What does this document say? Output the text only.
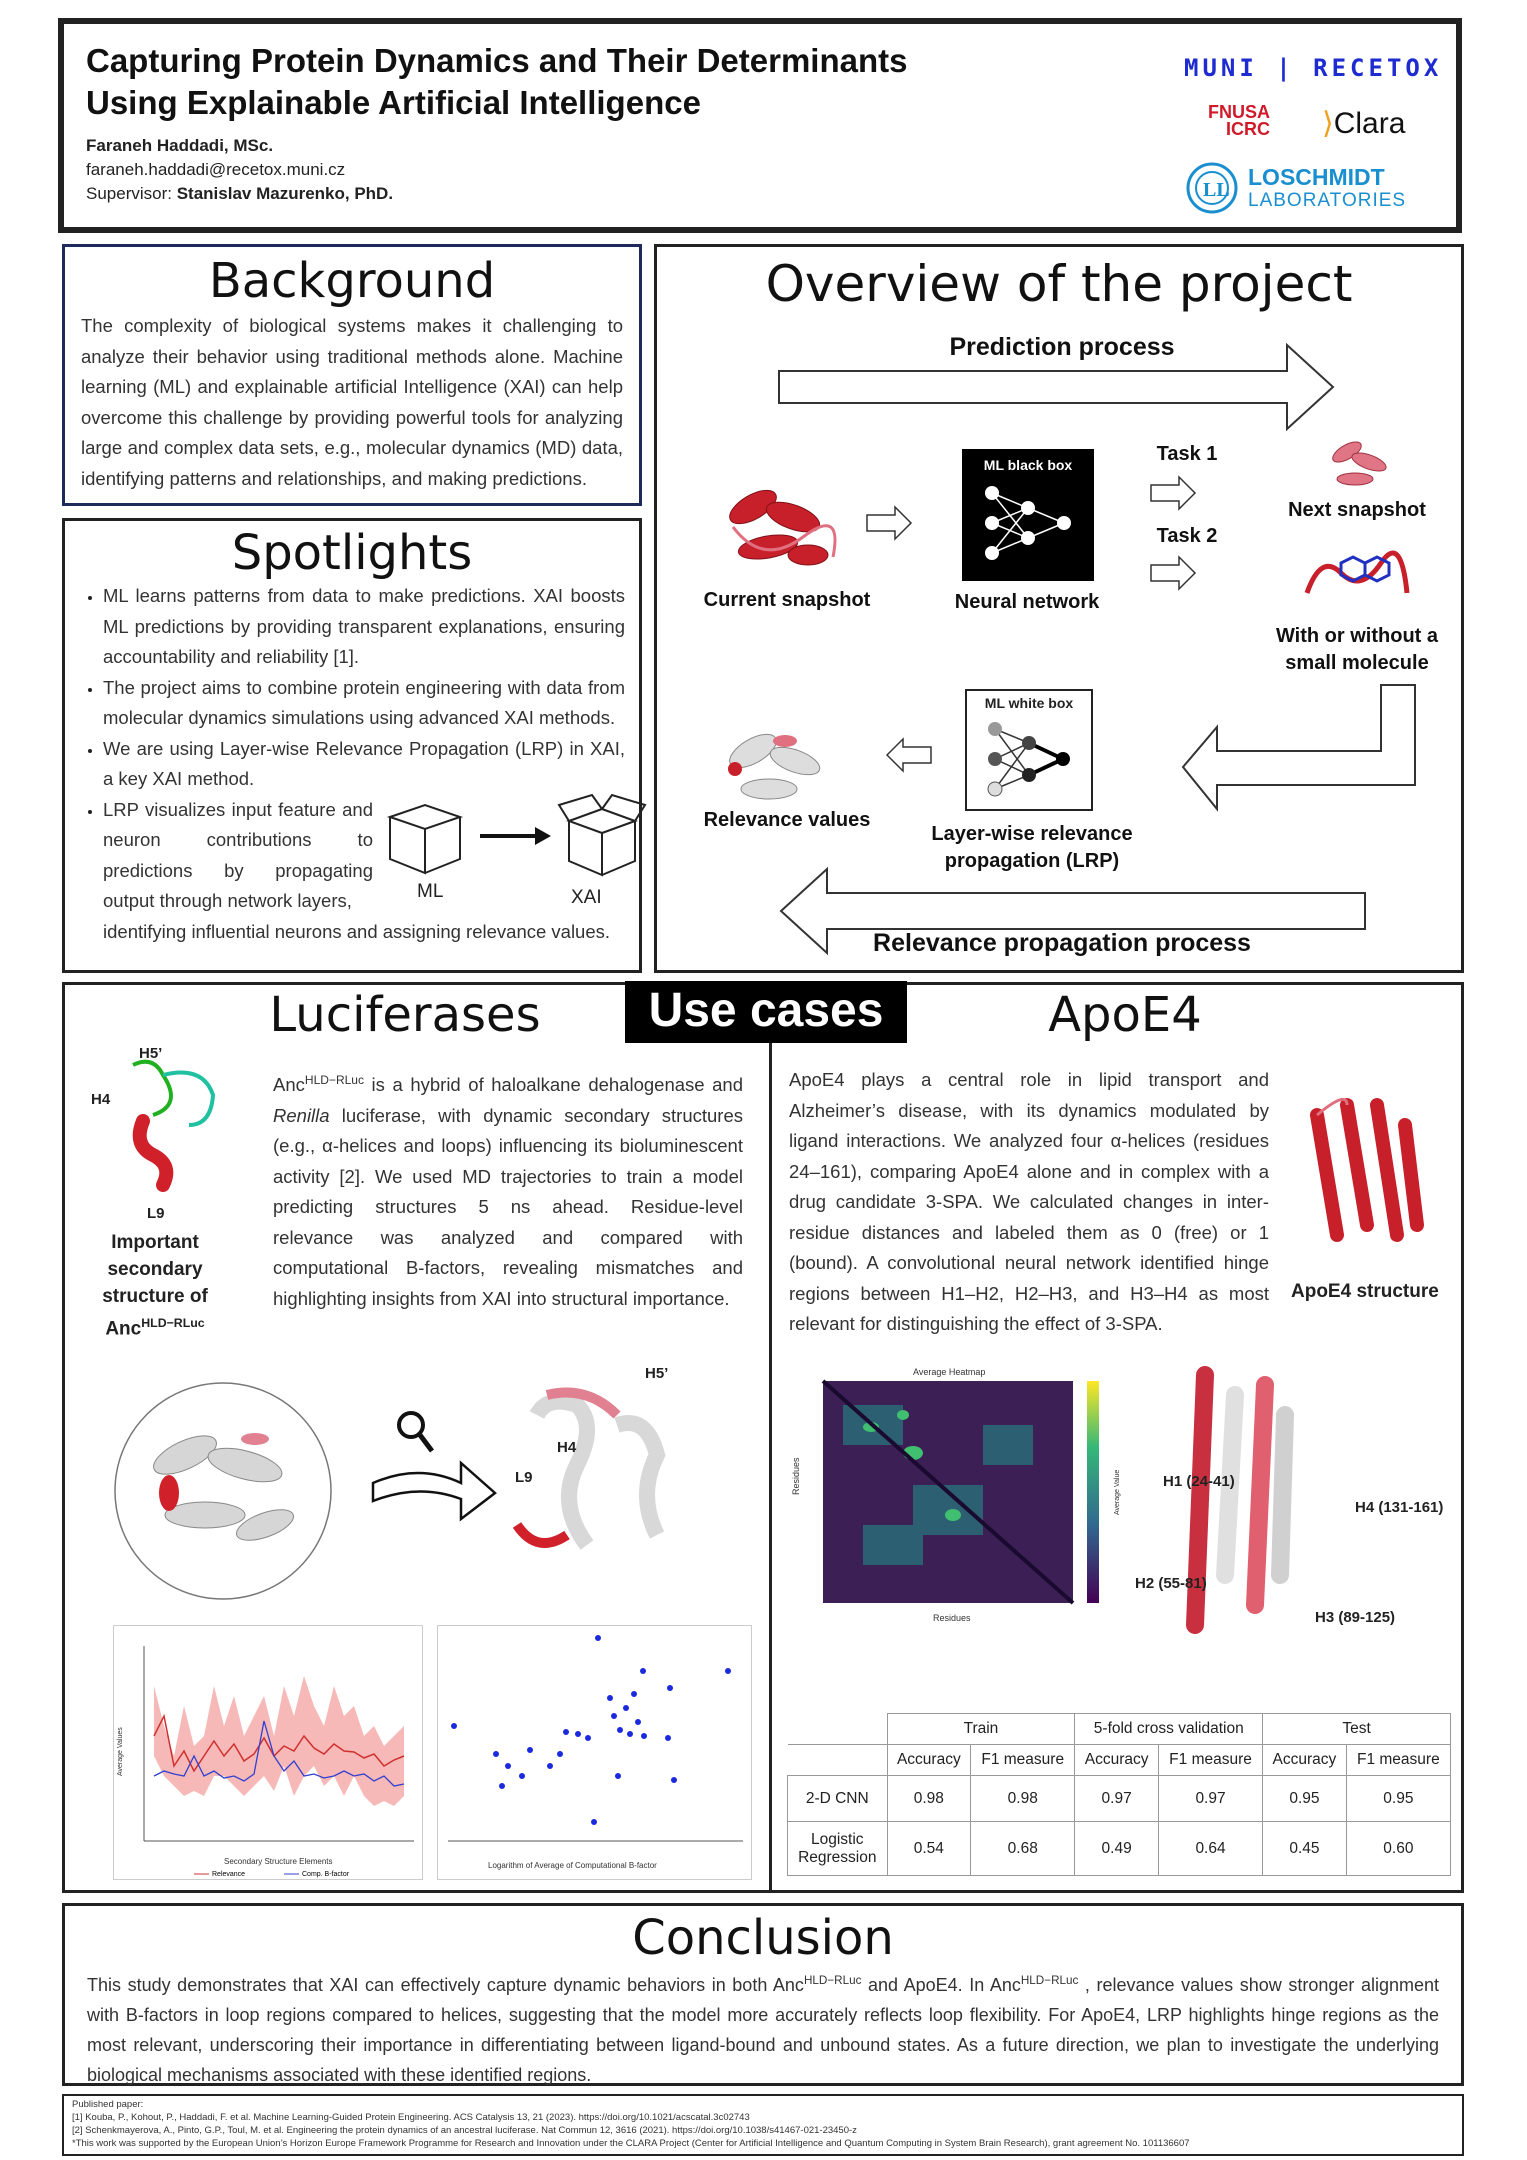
Capturing Protein Dynamics and Their Determinants
Using Explainable Artificial Intelligence
Faraneh Haddadi, MSc.
faraneh.haddadi@recetox.muni.cz
Supervisor: Stanislav Mazurenko, PhD.
MUNI | RECETOX
FNUSA
ICRC	⟩Clara
LL LOSCHMIDT
LABORATORIES
Background

The complexity of biological systems makes it challenging to analyze their behavior using traditional methods alone. Machine learning (ML) and explainable artificial Intelligence (XAI) can help overcome this challenge by providing powerful tools for analyzing large and complex data sets, e.g., molecular dynamics (MD) data, identifying patterns and relationships, and making predictions.

Spotlights

• ML learns patterns from data to make predictions. XAI boosts ML predictions by providing transparent explanations, ensuring accountability and reliability [1].

• The project aims to combine protein engineering with data from molecular dynamics simulations using advanced XAI methods.

• We are using Layer-wise Relevance Propagation (LRP) in XAI, a key XAI method.

• LRP visualizes input feature and neuron contributions to predictions by propagating output through network layers,

identifying influential neurons and assigning relevance values.

ML	XAI
Overview of the project
Prediction process
Current snapshot
ML black box
Neural network
Task 1
Task 2
Next snapshot
With or without a
small molecule
ML white box
Layer-wise relevance
propagation (LRP)
Relevance values
Relevance propagation process
Use cases
Luciferases
H5’
H4
L9
Important
secondary
structure of
Anc$^{HLD-RLuc}$

Anc$^{HLD-RLuc}$ is a hybrid of haloalkane dehalogenase and Renilla luciferase, with dynamic secondary structures (e.g., α-helices and loops) influencing its bioluminescent activity [2]. We used MD trajectories to train a model predicting structures 5 ns ahead. Residue-level relevance was analyzed and compared with computational B-factors, revealing mismatches and highlighting insights from XAI into structural importance.

H5’
H4
L9
Average Values
Secondary Structure Elements
Relevance	Comp. B-factor
Logarithm of Average of Computational B-factor
ApoE4

ApoE4 plays a central role in lipid transport and Alzheimer’s disease, with its dynamics modulated by ligand interactions. We analyzed four α-helices (residues 24–161), comparing ApoE4 alone and in complex with a drug candidate 3-SPA. We calculated changes in inter-residue distances and labeled them as 0 (free) or 1 (bound). A convolutional neural network identified hinge regions between H1–H2, H2–H3, and H3–H4 as most relevant for distinguishing the effect of 3-SPA.

ApoE4 structure
Average Heatmap
Residues
Residues
Average Value	H1 (24-41)
H4 (131-161)
H2 (55-81)
H3 (89-125)
	Train		5-fold cross validation		Test	
	Accuracy	F1 measure	Accuracy	F1 measure	Accuracy	F1 measure
2-D CNN	0.98	0.98	0.97	0.97	0.95	0.95

Logistic
Regression	0.54	0.68	0.49	0.64	0.45	0.60
Conclusion

This study demonstrates that XAI can effectively capture dynamic behaviors in both Anc$^{HLD-RLuc}$ and ApoE4. In Anc$^{HLD-RLuc}$ , relevance values show stronger alignment with B-factors in loop regions compared to helices, suggesting that the model more accurately reflects loop flexibility. For ApoE4, LRP highlights hinge regions as the most relevant, underscoring their importance in differentiating between ligand-bound and unbound states. As a future direction, we plan to investigate the underlying biological mechanisms associated with these identified regions.

Published paper:
[1] Kouba, P., Kohout, P., Haddadi, F. et al. Machine Learning-Guided Protein Engineering. ACS Catalysis 13, 21 (2023). https://doi.org/10.1021/acscatal.3c02743
[2] Schenkmayerova, A., Pinto, G.P., Toul, M. et al. Engineering the protein dynamics of an ancestral luciferase. Nat Commun 12, 3616 (2021). https://doi.org/10.1038/s41467-021-23450-z
*This work was supported by the European Union’s Horizon Europe Framework Programme for Research and Innovation under the CLARA Project (Center for Artificial Intelligence and Quantum Computing in System Brain Research), grant agreement No. 101136607
